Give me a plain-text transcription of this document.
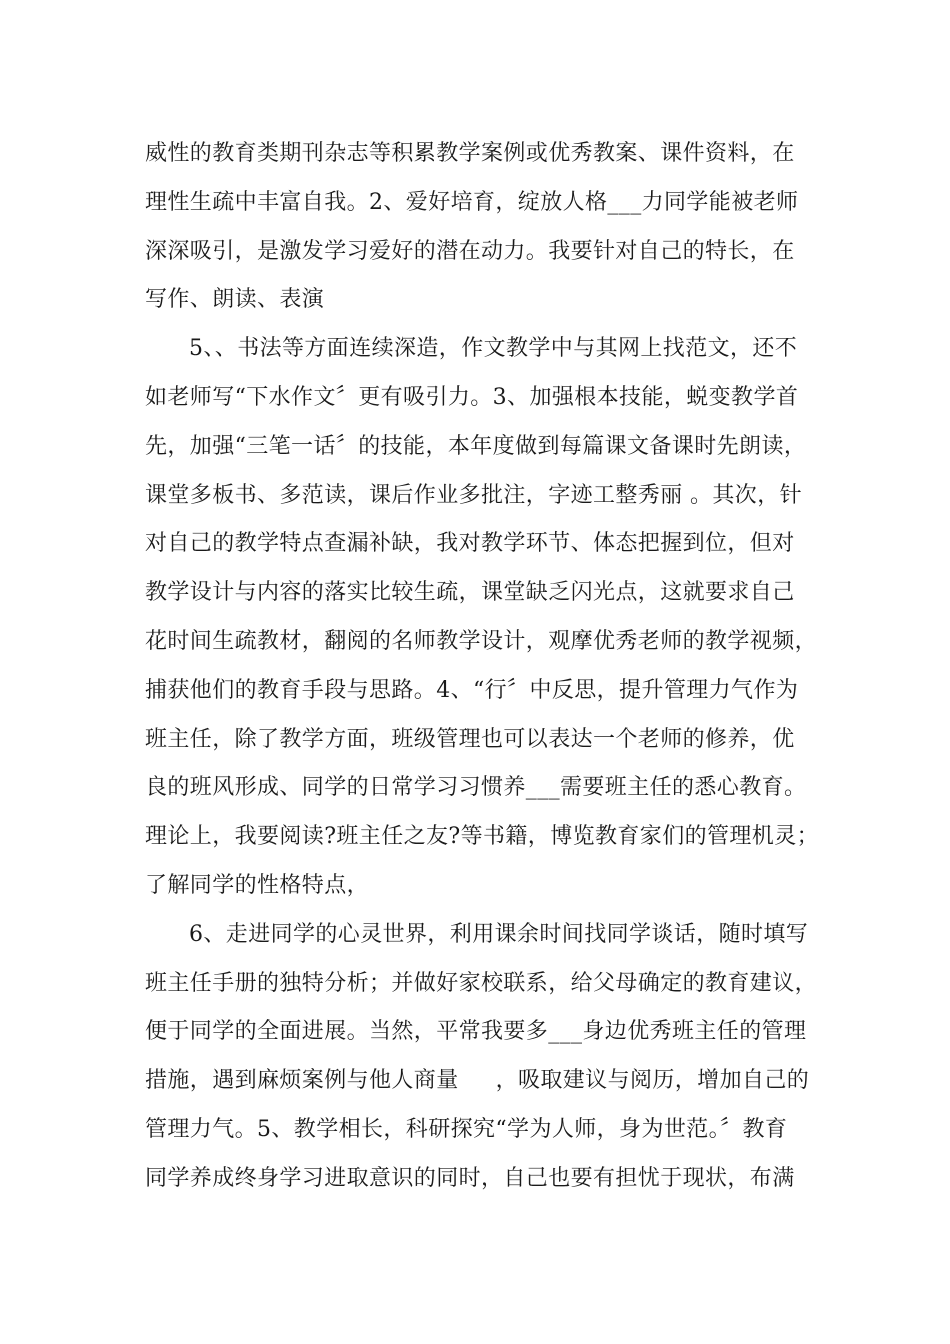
威性的教育类期刊杂志等积累教学案例或优秀教案、课件资料，在
理性生疏中丰富自我。2、爱好培育，绽放人格___力同学能被老师
深深吸引，是激发学习爱好的潜在动力。我要针对自己的特长，在
写作、朗读、表演
5、、书法等方面连续深造，作文教学中与其网上找范文，还不
如老师写“下水作文〞更有吸引力。3、加强根本技能，蜕变教学首
先，加强“三笔一话〞的技能，本年度做到每篇课文备课时先朗读，
课堂多板书、多范读，课后作业多批注，字迹工整秀丽 。其次，针
对自己的教学特点查漏补缺，我对教学环节、体态把握到位，但对
教学设计与内容的落实比较生疏，课堂缺乏闪光点，这就要求自己
花时间生疏教材，翻阅的名师教学设计，观摩优秀老师的教学视频，
捕获他们的教育手段与思路。4、“行〞中反思，提升管理力气作为
班主任，除了教学方面，班级管理也可以表达一个老师的修养，优
良的班风形成、同学的日常学习习惯养___需要班主任的悉心教育。
理论上，我要阅读?班主任之友?等书籍，博览教育家们的管理机灵；
了解同学的性格特点，
6、走进同学的心灵世界，利用课余时间找同学谈话，随时填写
班主任手册的独特分析；并做好家校联系，给父母确定的教育建议，
便于同学的全面进展。当然，平常我要多___身边优秀班主任的管理
措施，遇到麻烦案例与他人商量     ，吸取建议与阅历，增加自己的
管理力气。5、教学相长，科研探究“学为人师，身为世范。〞教育
同学养成终身学习进取意识的同时，自己也要有担忧于现状，布满
